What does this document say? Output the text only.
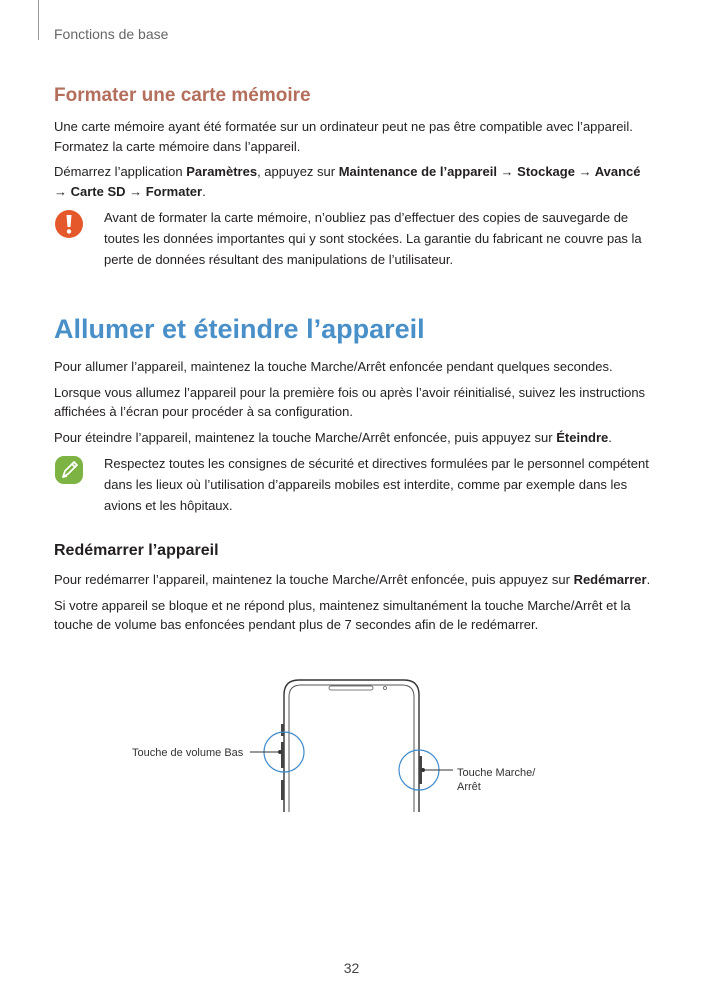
Fonctions de base
Formater une carte mémoire

Une carte mémoire ayant été formatée sur un ordinateur peut ne pas être compatible avec l’appareil. Formatez la carte mémoire dans l’appareil.

Démarrez l’application Paramètres, appuyez sur Maintenance de l’appareil → Stockage → Avancé → Carte SD → Formater.

Avant de formater la carte mémoire, n’oubliez pas d’effectuer des copies de sauvegarde de toutes les données importantes qui y sont stockées. La garantie du fabricant ne couvre pas la perte de données résultant des manipulations de l’utilisateur.

Allumer et éteindre l’appareil

Pour allumer l’appareil, maintenez la touche Marche/Arrêt enfoncée pendant quelques secondes.

Lorsque vous allumez l’appareil pour la première fois ou après l’avoir réinitialisé, suivez les instructions affichées à l’écran pour procéder à sa configuration.

Pour éteindre l’appareil, maintenez la touche Marche/Arrêt enfoncée, puis appuyez sur Éteindre.

Respectez toutes les consignes de sécurité et directives formulées par le personnel compétent dans les lieux où l’utilisation d’appareils mobiles est interdite, comme par exemple dans les avions et les hôpitaux.

Redémarrer l’appareil

Pour redémarrer l’appareil, maintenez la touche Marche/Arrêt enfoncée, puis appuyez sur Redémarrer.

Si votre appareil se bloque et ne répond plus, maintenez simultanément la touche Marche/Arrêt et la touche de volume bas enfoncées pendant plus de 7 secondes afin de le redémarrer.

Touche de volume Bas
Touche Marche/
Arrêt
32
